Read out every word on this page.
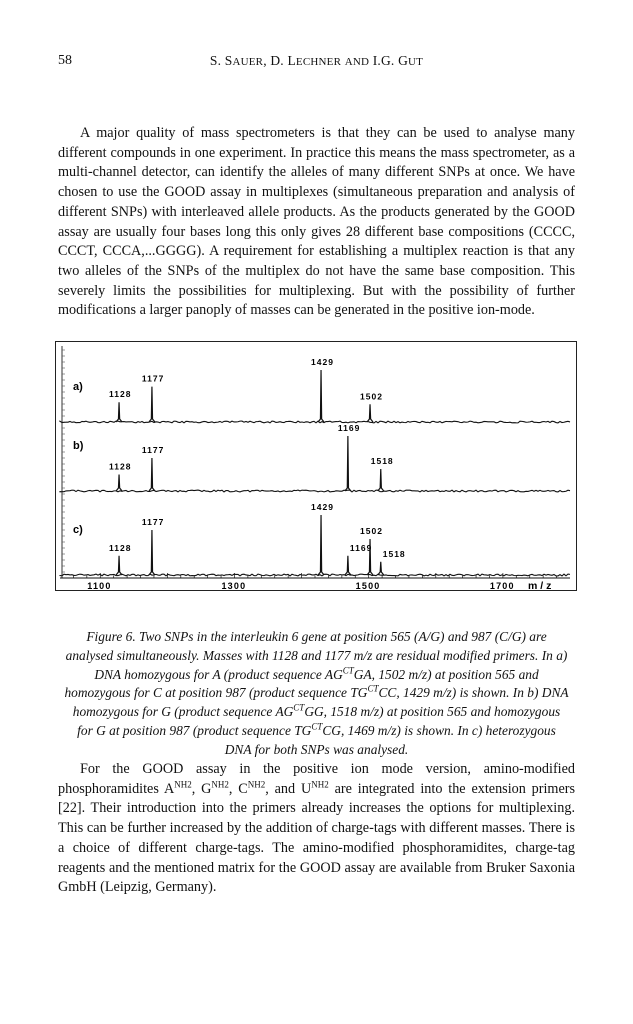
58	S. SAUER, D. LECHNER AND I.G. GUT

A major quality of mass spectrometers is that they can be used to analyse many different compounds in one experiment. In practice this means the mass spectrometer, as a multi-channel detector, can identify the alleles of many different SNPs at once. We have chosen to use the GOOD assay in multiplexes (simultaneous preparation and analysis of different SNPs) with interleaved allele products. As the products generated by the GOOD assay are usually four bases long this only gives 28 different base compositions (CCCC, CCCT, CCCA,...GGGG). A requirement for establishing a multiplex reaction is that any two alleles of the SNPs of the multiplex do not have the same base composition. This severely limits the possibilities for multiplexing. But with the possibility of further modifications a larger panoply of masses can be generated in the positive ion-mode.

a)
1128
1177
1429
1502
b)
1128
1177
1169
1518
c)
1128
1177
1429
1169
1502
1518
1100	1300	1500	1700 m / z

Figure 6. Two SNPs in the interleukin 6 gene at position 565 (A/G) and 987 (C/G) are analysed simultaneously. Masses with 1128 and 1177 m/z are residual modified primers. In a) DNA homozygous for A (product sequence $AG^{CT}GA$, 1502 m/z) at position 565 and homozygous for C at position 987 (product sequence $TG^{CT}CC$, 1429 m/z) is shown. In b) DNA homozygous for G (product sequence $AG^{CT}GG$, 1518 m/z) at position 565 and homozygous for G at position 987 (product sequence $TG^{CT}CG$, 1469 m/z) is shown. In c) heterozygous DNA for both SNPs was analysed.

For the GOOD assay in the positive ion mode version, amino-modified phosphoramidites $A^{NH2}$, $G^{NH2}$, $C^{NH2}$, and $U^{NH2}$ are integrated into the extension primers [22]. Their introduction into the primers already increases the options for multiplexing. This can be further increased by the addition of charge-tags with different masses. There is a choice of different charge-tags. The amino-modified phosphoramidites, charge-tag reagents and the mentioned matrix for the GOOD assay are available from Bruker Saxonia GmbH (Leipzig, Germany).
